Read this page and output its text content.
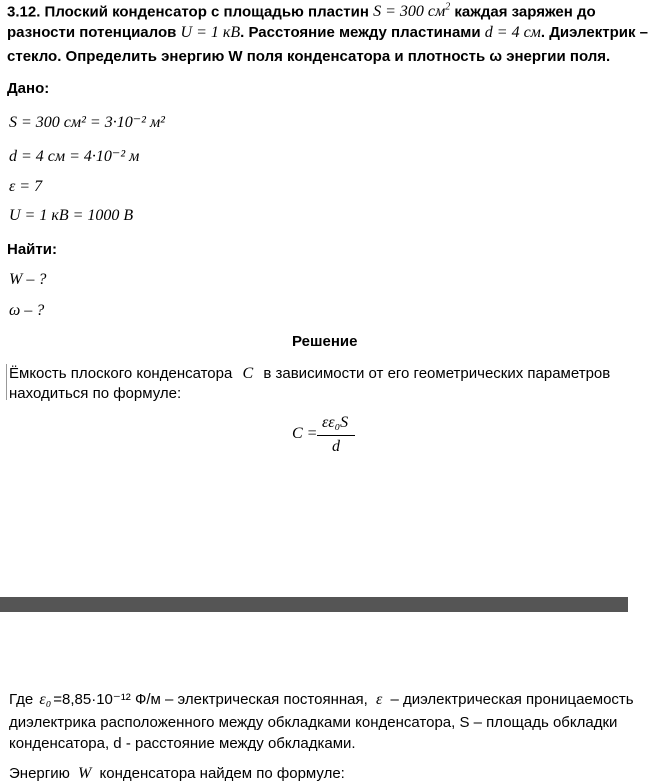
3.12. Плоский конденсатор с площадью пластин S = 300 $см^2$ каждая заряжен до
разности потенциалов U = 1 кВ. Расстояние между пластинами d = 4 см. Диэлектрик –
стекло. Определить энергию W поля конденсатора и плотность ω энергии поля.
Дано:
S = 300 см² = 3·10⁻² м²
d = 4 см = 4·10⁻² м
ε = 7
U = 1 кВ = 1000 В
Найти:
W – ?
ω – ?
Решение
Ёмкость плоского конденсатора C в зависимости от его геометрических параметров
находиться по формуле:
C =
εε₀S
d
Где ε₀ =8,85·10⁻¹² Ф/м – электрическая постоянная, ε – диэлектрическая проницаемость
диэлектрика расположенного между обкладками конденсатора, S – площадь обкладки
конденсатора, d - расстояние между обкладками.
Энергию W конденсатора найдем по формуле:
